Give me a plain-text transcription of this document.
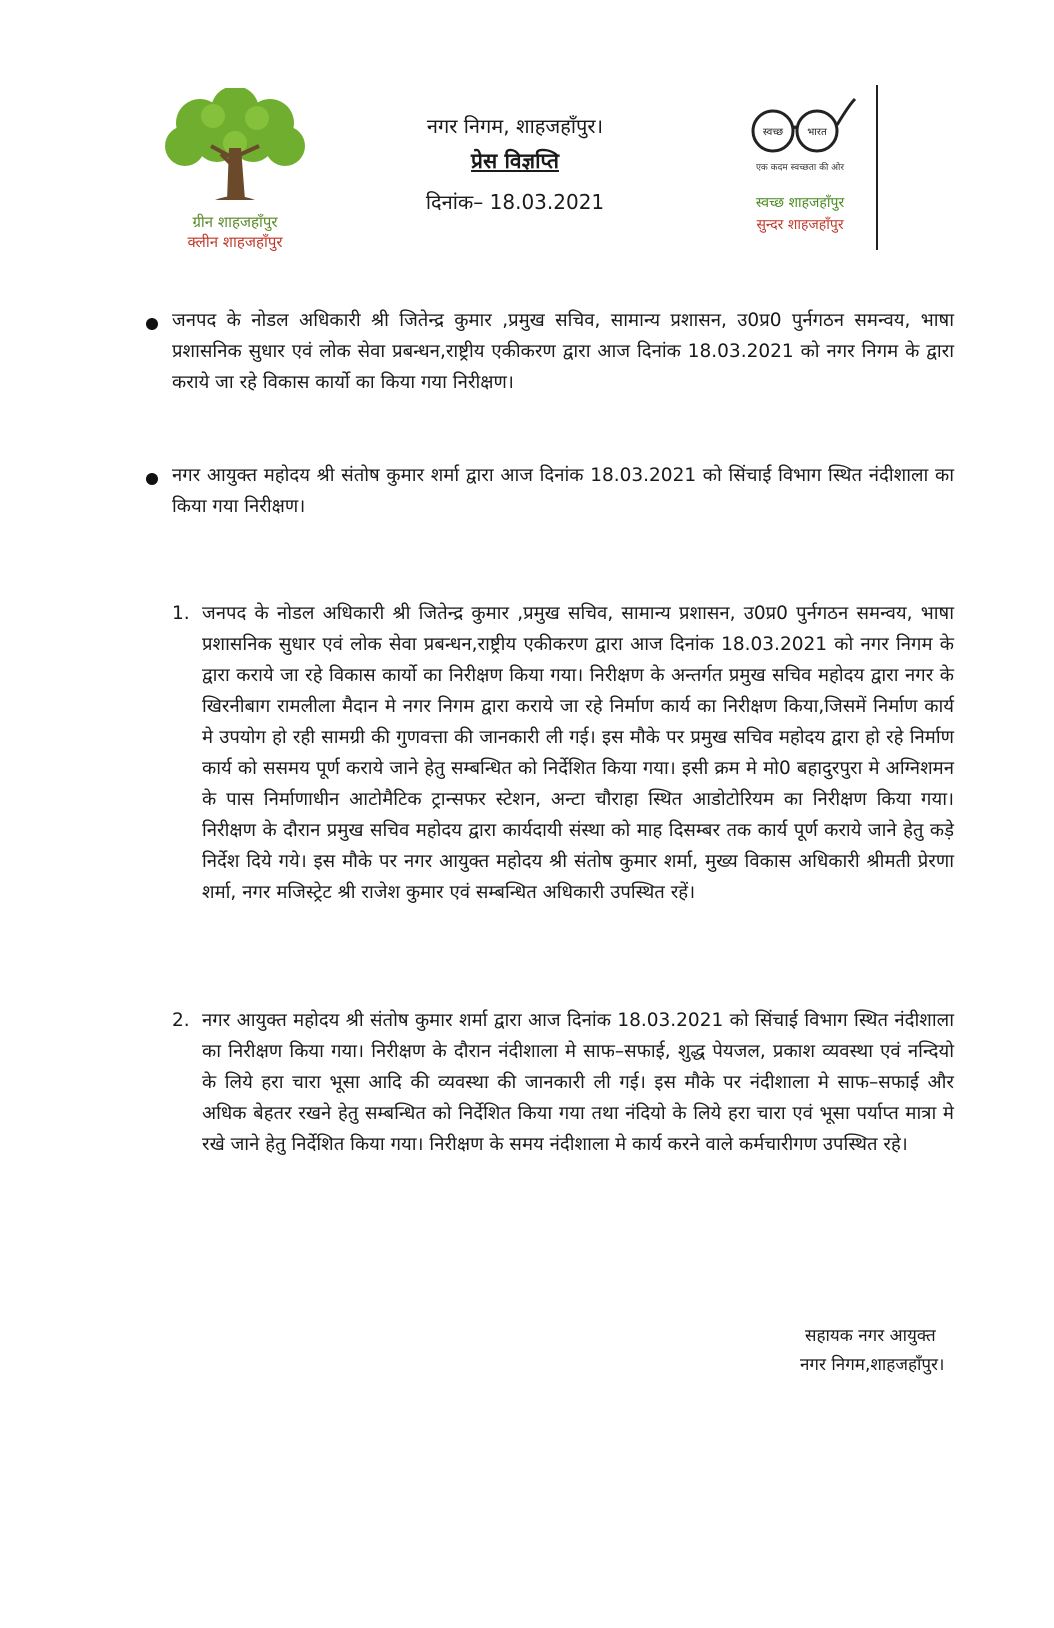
ग्रीन शाहजहाँपुर
क्लीन शाहजहाँपुर
नगर निगम, शाहजहाँपुर।
प्रेस विज्ञप्ति
दिनांक– 18.03.2021
स्वच्छ भारत
एक कदम स्वच्छता की ओर
स्वच्छ शाहजहाँपुर
सुन्दर शाहजहाँपुर
जनपद के नोडल अधिकारी श्री जितेन्द्र कुमार ,प्रमुख सचिव, सामान्य प्रशासन, उ0प्र0 पुर्नगठन समन्वय, भाषा प्रशासनिक सुधार एवं लोक सेवा प्रबन्धन,राष्ट्रीय एकीकरण द्वारा आज दिनांक 18.03.2021 को नगर निगम के द्वारा कराये जा रहे विकास कार्यो का किया गया निरीक्षण।
नगर आयुक्त महोदय श्री संतोष कुमार शर्मा द्वारा आज दिनांक 18.03.2021 को सिंचाई विभाग स्थित नंदीशाला का किया गया निरीक्षण।
1. जनपद के नोडल अधिकारी श्री जितेन्द्र कुमार ,प्रमुख सचिव, सामान्य प्रशासन, उ0प्र0 पुर्नगठन समन्वय, भाषा प्रशासनिक सुधार एवं लोक सेवा प्रबन्धन,राष्ट्रीय एकीकरण द्वारा आज दिनांक 18.03.2021 को नगर निगम के द्वारा कराये जा रहे विकास कार्यो का निरीक्षण किया गया। निरीक्षण के अन्तर्गत प्रमुख सचिव महोदय द्वारा नगर के खिरनीबाग रामलीला मैदान मे नगर निगम द्वारा कराये जा रहे निर्माण कार्य का निरीक्षण किया,जिसमें निर्माण कार्य मे उपयोग हो रही सामग्री की गुणवत्ता की जानकारी ली गई। इस मौके पर प्रमुख सचिव महोदय द्वारा हो रहे निर्माण कार्य को ससमय पूर्ण कराये जाने हेतु सम्बन्धित को निर्देशित किया गया। इसी क्रम मे मो0 बहादुरपुरा मे अग्निशमन के पास निर्माणाधीन आटोमैटिक ट्रान्सफर स्टेशन, अन्टा चौराहा स्थित आडोटोरियम का निरीक्षण किया गया। निरीक्षण के दौरान प्रमुख सचिव महोदय द्वारा कार्यदायी संस्था को माह दिसम्बर तक कार्य पूर्ण कराये जाने हेतु कड़े निर्देश दिये गये। इस मौके पर नगर आयुक्त महोदय श्री संतोष कुमार शर्मा, मुख्य विकास अधिकारी श्रीमती प्रेरणा शर्मा, नगर मजिस्ट्रेट श्री राजेश कुमार एवं सम्बन्धित अधिकारी उपस्थित रहें।
2. नगर आयुक्त महोदय श्री संतोष कुमार शर्मा द्वारा आज दिनांक 18.03.2021 को सिंचाई विभाग स्थित नंदीशाला का निरीक्षण किया गया। निरीक्षण के दौरान नंदीशाला मे साफ–सफाई, शुद्ध पेयजल, प्रकाश व्यवस्था एवं नन्दियो के लिये हरा चारा भूसा आदि की व्यवस्था की जानकारी ली गई। इस मौके पर नंदीशाला मे साफ–सफाई और अधिक बेहतर रखने हेतु सम्बन्धित को निर्देशित किया गया तथा नंदियो के लिये हरा चारा एवं भूसा पर्याप्त मात्रा मे रखे जाने हेतु निर्देशित किया गया। निरीक्षण के समय नंदीशाला मे कार्य करने वाले कर्मचारीगण उपस्थित रहे।
सहायक नगर आयुक्त
नगर निगम,शाहजहाँपुर।
